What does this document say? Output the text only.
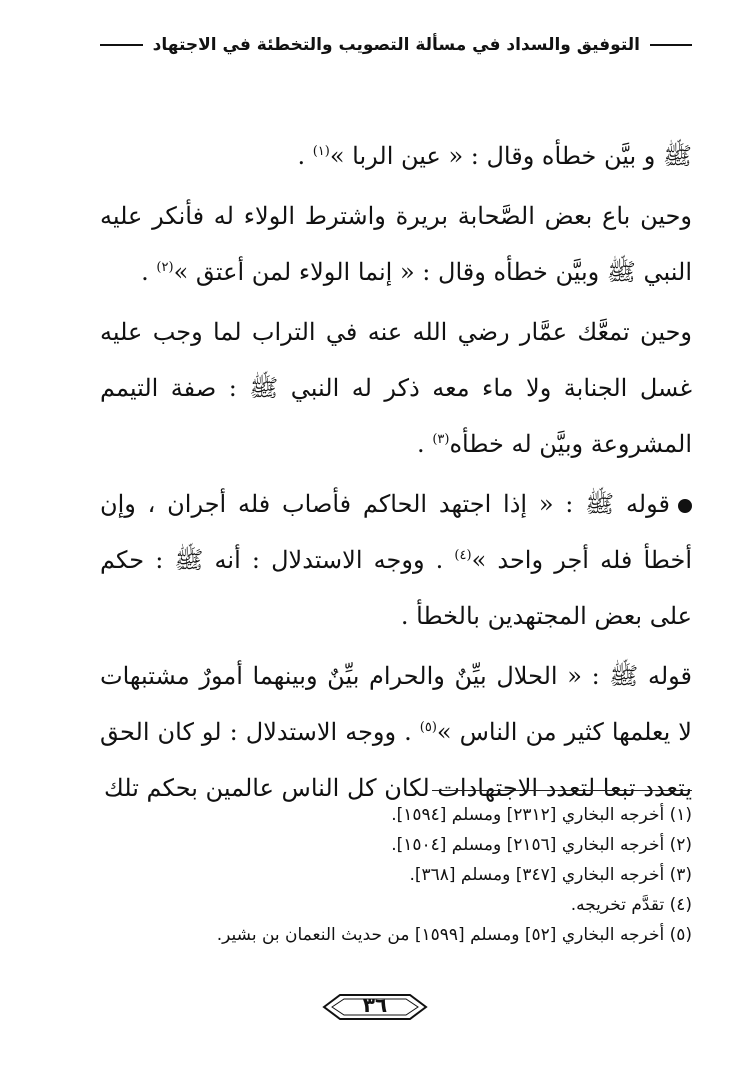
التوفيق والسداد في مسألة التصويب والتخطئة في الاجتهاد

ﷺ و بيَّن خطأه وقال : « عين الربا »$^{(١)}$ .

وحين باع بعض الصَّحابة بريرة واشترط الولاء له فأنكر عليه النبي ﷺ وبيَّن خطأه وقال : « إنما الولاء لمن أعتق »$^{(٢)}$ .

وحين تمعَّك عمَّار رضي الله عنه في التراب لما وجب عليه غسل الجنابة ولا ماء معه ذكر له النبي ﷺ : صفة التيمم المشروعة وبيَّن له خطأه$^{(٣)}$ .

قوله ﷺ : « إذا اجتهد الحاكم فأصاب فله أجران ، وإن أخطأ فله أجر واحد »$^{(٤)}$ . ووجه الاستدلال : أنه ﷺ : حكم على بعض المجتهدين بالخطأ .

قوله ﷺ : « الحلال بيِّنٌ والحرام بيِّنٌ وبينهما أمورٌ مشتبهات لا يعلمها كثير من الناس »$^{(٥)}$ . ووجه الاستدلال : لو كان الحق يتعدد تبعا لتعدد الاجتهادات لكان كل الناس عالمين بحكم تلك

(١) أخرجه البخاري [٢٣١٢] ومسلم [١٥٩٤].
(٢) أخرجه البخاري [٢١٥٦] ومسلم [١٥٠٤].
(٣) أخرجه البخاري [٣٤٧] ومسلم [٣٦٨].
(٤) تقدَّم تخريجه.
(٥) أخرجه البخاري [٥٢] ومسلم [١٥٩٩] من حديث النعمان بن بشير.
٣٦
